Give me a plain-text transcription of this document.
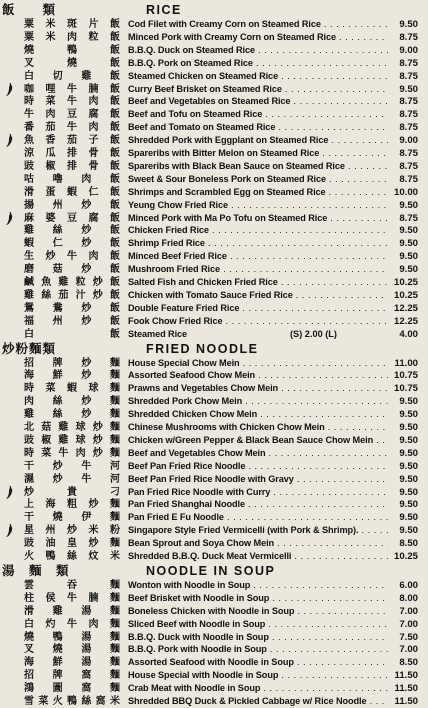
飯　　類	RICE
粟米斑片飯 Cod Filet with Creamy Corn on Steamed Rice . . .	9.50
粟米肉粒飯 Minced Pork with Creamy Corn on Steamed Rice . . .	8.75
燒鴨飯 B.B.Q. Duck on Steamed Rice . . .	9.00
叉燒飯 B.B.Q. Pork on Steamed Rice . . .	8.75
白切雞飯 Steamed Chicken on Steamed Rice . . .	8.75
咖哩牛腩飯 Curry Beef Brisket on Steamed Rice . . .	9.50
時菜牛肉飯 Beef and Vegetables on Steamed Rice . . .	8.75
牛肉豆腐飯 Beef and Tofu on Steamed Rice . . .	8.75
番茄牛肉飯 Beef and Tomato on Steamed Rice . . .	8.75
魚香茄子飯 Shredded Pork with Eggplant on Steamed Rice . . .	9.00
涼瓜排骨飯 Spareribs with Bitter Melon on Steamed Rice . . .	8.75
豉椒排骨飯 Spareribs with Black Bean Sauce on Steamed Rice . . .	8.75
咕嚕肉飯 Sweet & Sour Boneless Pork on Steamed Rice . . .	8.75
滑蛋蝦仁飯 Shrimps and Scrambled Egg on Steamed Rice . . .	10.00
揚州炒飯 Yeung Chow Fried Rice . . .	9.50
麻婆豆腐飯 Minced Pork with Ma Po Tofu on Steamed Rice . . .	8.75
雞絲炒飯 Chicken Fried Rice . . .	9.50
蝦仁炒飯 Shrimp Fried Rice . . .	9.50
生炒牛肉飯 Minced Beef Fried Rice . . .	9.50
磨菇炒飯 Mushroom Fried Rice . . .	9.50
鹹魚雞粒炒飯 Salted Fish and Chicken Fried Rice . . .	10.25
雞絲茄汁炒飯 Chicken with Tomato Sauce Fried Rice . . .	10.25
鴛鴦炒飯 Double Feature Fried Rice . . .	12.25
福州炒飯 Fook Chow Fried Rice . . .	12.25
白飯 Steamed Rice	(S) 2.00 (L)	4.00
炒粉麵類	FRIED NOODLE
招牌炒麵 House Special Chow Mein . . .	11.00
海鮮炒麵 Assorted Seafood Chow Mein . . .	10.75
時菜蝦球麵 Prawns and Vegetables Chow Mein . . .	10.75
肉絲炒麵 Shredded Pork Chow Mein . . .	9.50
雞絲炒麵 Shredded Chicken Chow Mein . . .	9.50
北菇雞球炒麵 Chinese Mushrooms with Chicken Chow Mein . . .	9.50
豉椒雞球炒麵 Chicken w/Green Pepper & Black Bean Sauce Chow Mein . . .	9.50
時菜牛肉炒麵 Beef and Vegetables Chow Mein . . .	9.50
干炒牛河 Beef Pan Fried Rice Noodle . . .	9.50
濕炒牛河 Beef Pan Fried Rice Noodle with Gravy . . .	9.50
炒貴刁 Pan Fried Rice Noodle with Curry . . .	9.50
上海粗炒麵 Pan Fried Shanghai Noodle . . .	9.50
干燒伊麵 Pan Fried E Fu Noodle . . .	9.50
星州炒米粉 Singapore Style Fried Vermicelli (with Pork & Shrimp). . . .	9.50
豉油皇炒麵 Bean Sprout and Soya Chow Mein . . .	8.50
火鴨絲炆米 Shredded B.B.Q. Duck Meat Vermicelli . . .	10.25
湯　麵　類	NOODLE IN SOUP
雲吞麵 Wonton with Noodle in Soup . . .	6.00
柱侯牛腩麵 Beef Brisket with Noodle in Soup . . .	8.00
滑雞湯麵 Boneless Chicken with Noodle in Soup . . .	7.00
白灼牛肉麵 Sliced Beef with Noodle in Soup . . .	7.00
燒鴨湯麵 B.B.Q. Duck with Noodle in Soup . . .	7.50
叉燒湯麵 B.B.Q. Pork with Noodle in Soup . . .	7.00
海鮮湯麵 Assorted Seafood with Noodle in Soup . . .	8.50
招牌窩麵 House Special with Noodle in Soup . . .	11.50
鴻圖窩麵 Crab Meat with Noodle in Soup . . .	11.50
雪菜火鴨絲窩米 Shredded BBQ Duck & Pickled Cabbage w/ Rice Noodle . . .	11.50
